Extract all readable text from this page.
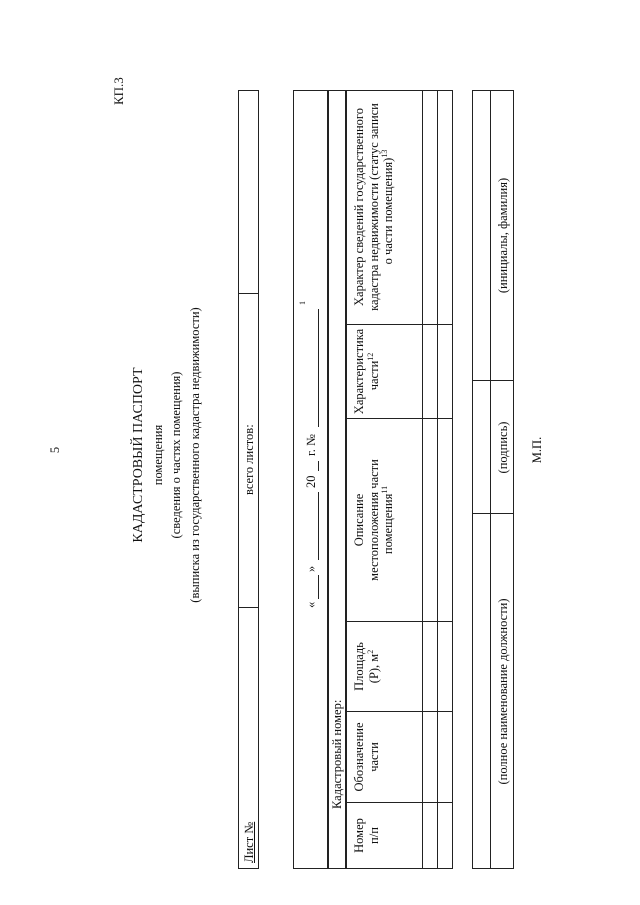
КП.3
5	КАДАСТРОВЫЙ ПАСПОРТ помещения (сведения о частях помещения) (выписка из государственного кадастра недвижимости)
Лист №
всего листов:
«
»
20
г. №
1
Кадастровый номер:
Номер п/п
Обозначение части
Площадь (Р), $м^2$
Описание местоположения части помещения$^{11}$
Характеристика части$^{12}$
Характер сведений государственного кадастра недвижимости (статус записи о части помещения)$^{13}$
(полное наименование должности)
(подпись)
(инициалы, фамилия)
М.П.
